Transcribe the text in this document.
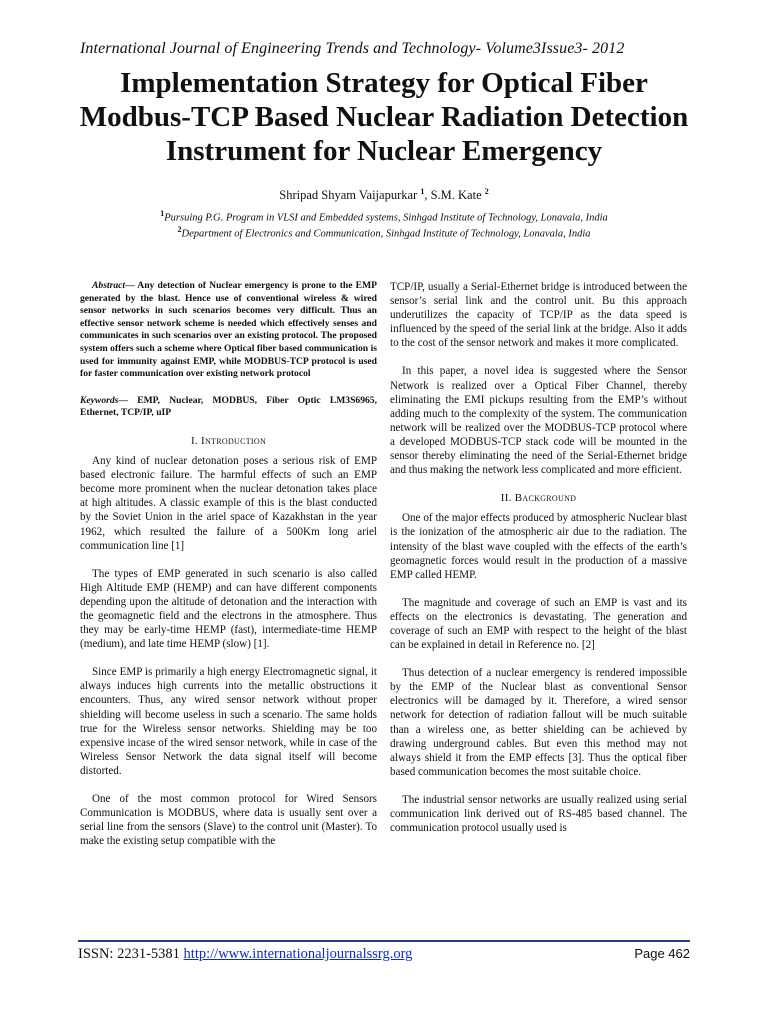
International Journal of Engineering Trends and Technology- Volume3Issue3- 2012
Implementation Strategy for Optical Fiber
Modbus-TCP Based Nuclear Radiation Detection
Instrument for Nuclear Emergency
Shripad Shyam Vaijapurkar $^1$, S.M. Kate $^2$
$^1$Pursuing P.G. Program in VLSI and Embedded systems, Sinhgad Institute of Technology, Lonavala, India
$^2$Department of Electronics and Communication, Sinhgad Institute of Technology, Lonavala, India

Abstract— Any detection of Nuclear emergency is prone to the EMP generated by the blast. Hence use of conventional wireless & wired sensor networks in such scenarios becomes very difficult. Thus an effective sensor network scheme is needed which effectively senses and communicates in such scenarios over an existing protocol. The proposed system offers such a scheme where Optical fiber based communication is used for immunity against EMP, while MODBUS-TCP protocol is used for faster communication over existing network protocol

Keywords— EMP, Nuclear, MODBUS, Fiber Optic LM3S6965, Ethernet, TCP/IP, uIP

I. Introduction

Any kind of nuclear detonation poses a serious risk of EMP based electronic failure. The harmful effects of such an EMP become more prominent when the nuclear detonation takes place at high altitudes. A classic example of this is the blast conducted by the Soviet Union in the ariel space of Kazakhstan in the year 1962, which resulted the failure of a 500Km long ariel communication line [1]

The types of EMP generated in such scenario is also called High Altitude EMP (HEMP) and can have different components depending upon the altitude of detonation and the interaction with the geomagnetic field and the electrons in the atmosphere. Thus they may be early-time HEMP (fast), intermediate-time HEMP (medium), and late time HEMP (slow) [1].

Since EMP is primarily a high energy Electromagnetic signal, it always induces high currents into the metallic obstructions it encounters. Thus, any wired sensor network without proper shielding will become useless in such a scenario. The same holds true for the Wireless sensor networks. Shielding may be too expensive incase of the wired sensor network, while in case of the Wireless Sensor Network the data signal itself will become distorted.

One of the most common protocol for Wired Sensors Communication is MODBUS, where data is usually sent over a serial line from the sensors (Slave) to the control unit (Master). To make the existing setup compatible with the

TCP/IP, usually a Serial-Ethernet bridge is introduced between the sensor’s serial link and the control unit. Bu this approach underutilizes the capacity of TCP/IP as the data speed is influenced by the speed of the serial link at the bridge. Also it adds to the cost of the sensor network and makes it more complicated.

In this paper, a novel idea is suggested where the Sensor Network is realized over a Optical Fiber Channel, thereby eliminating the EMI pickups resulting from the EMP’s without adding much to the complexity of the system. The communication network will be realized over the MODBUS-TCP protocol where a developed MODBUS-TCP stack code will be mounted in the sensor thereby eliminating the need of the Serial-Ethernet bridge and thus making the network less complicated and more efficient.

II. Background

One of the major effects produced by atmospheric Nuclear blast is the ionization of the atmospheric air due to the radiation. The intensity of the blast wave coupled with the effects of the earth’s geomagnetic forces would result in the production of a massive EMP called HEMP.

The magnitude and coverage of such an EMP is vast and its effects on the electronics is devastating. The generation and coverage of such an EMP with respect to the height of the blast can be explained in detail in Reference no. [2]

Thus detection of a nuclear emergency is rendered impossible by the EMP of the Nuclear blast as conventional Sensor electronics will be damaged by it. Therefore, a wired sensor network for detection of radiation fallout will be much suitable than a wireless one, as better shielding can be achieved by drawing underground cables. But even this method may not always shield it from the EMP effects [3]. Thus the optical fiber based communication becomes the most suitable choice.

The industrial sensor networks are usually realized using serial communication link derived out of RS-485 based channel. The communication protocol usually used is

ISSN: 2231-5381 http://www.internationaljournalssrg.org	Page 462
